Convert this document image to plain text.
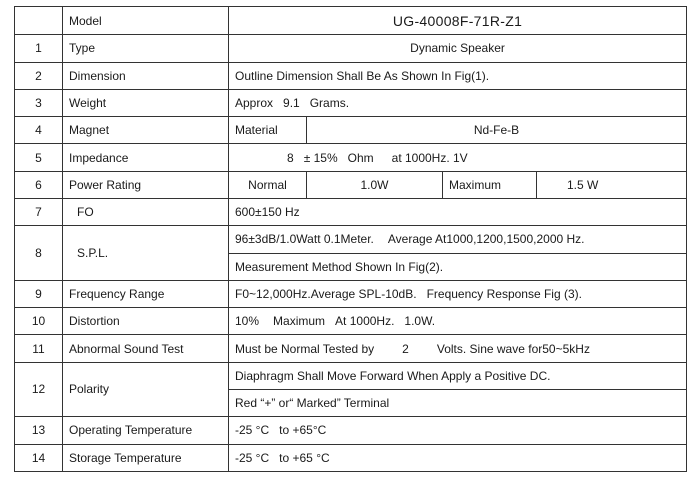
	Model	UG-40008F-71R-Z1			
1	Type	Dynamic Speaker			
2	Dimension	Outline Dimension Shall Be As Shown In Fig(1).			
3	Weight	Approx 9.1 Grams.			
4	Magnet	Material	Nd-Fe-B		
5	Impedance	8 ± 15% Ohm at 1000Hz. 1V			
6	Power Rating	Normal	1.0W	Maximum	1.5 W
7	FO	600±150 Hz			
8	S.P.L.	96±3dB/1.0Watt 0.1Meter. Average At1000,1200,1500,2000 Hz.			
		Measurement Method Shown In Fig(2).			
9	Frequency Range	F0~12,000Hz.Average SPL-10dB. Frequency Response Fig (3).			
10	Distortion	10% Maximum At 1000Hz. 1.0W.			
11	Abnormal Sound Test	Must be Normal Tested by 2 Volts. Sine wave for50~5kHz			
12	Polarity	Diaphragm Shall Move Forward When Apply a Positive DC.			
		Red “+” or“ Marked” Terminal			
13	Operating Temperature	-25 °C to +65°C			
14	Storage Temperature	-25 °C to +65 °C			
